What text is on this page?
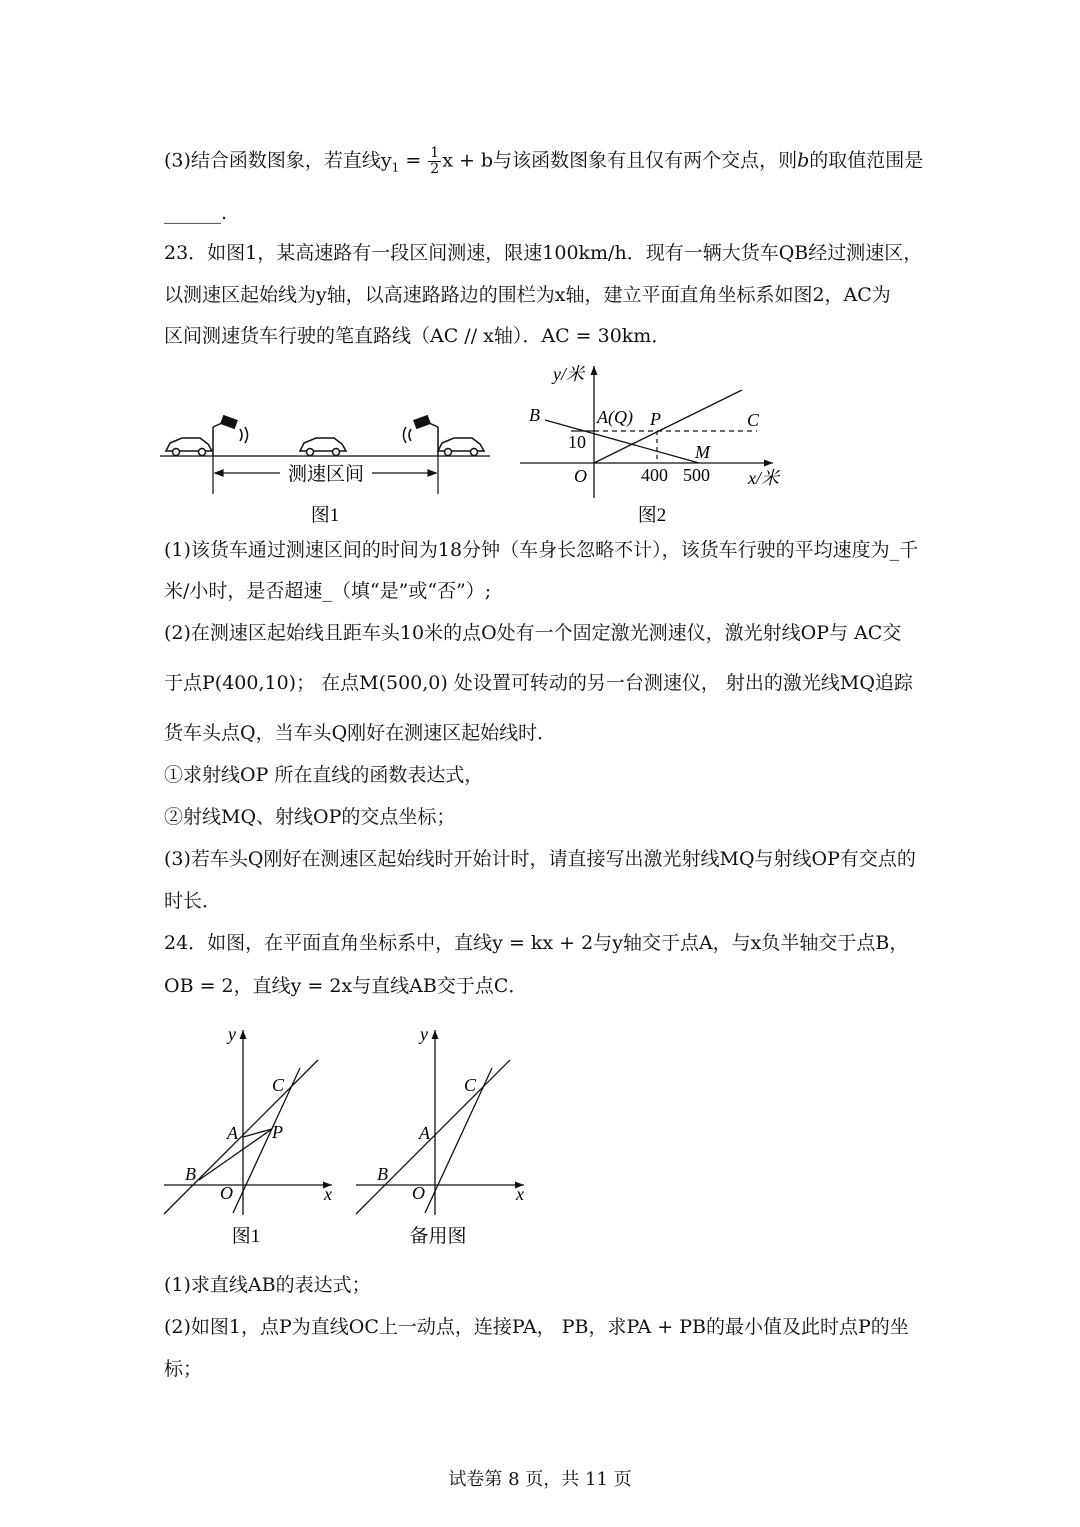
(3)结合函数图象，若直线$y_1 = \frac{1}{2}$ x + b与该函数图象有且仅有两个交点，则b的取值范围是
______.
23．如图1，某高速路有一段区间测速，限速100km/h．现有一辆大货车QB经过测速区，
以测速区起始线为y轴，以高速路路边的围栏为x轴，建立平面直角坐标系如图2，AC为
区间测速货车行驶的笔直路线（AC // x轴）．AC = 30km．
测速区间
图1
y/米
B	A(Q) P	C
10	M
O	400 500 x/米
图2
(1)该货车通过测速区间的时间为18分钟（车身长忽略不计），该货车行驶的平均速度为_千
米/小时，是否超速_（填“是”或“否”）;
(2)在测速区起始线且距车头10米的点O处有一个固定激光测速仪，激光射线OP与 AC交
于点P(400,10)； 在点M(500,0) 处设置可转动的另一台测速仪， 射出的激光线MQ追踪
货车头点Q，当车头Q刚好在测速区起始线时．
①求射线OP 所在直线的函数表达式，
②射线MQ、射线OP的交点坐标；
(3)若车头Q刚好在测速区起始线时开始计时，请直接写出激光射线MQ与射线OP有交点的
时长．
24．如图，在平面直角坐标系中，直线y = kx + 2与y轴交于点A，与x负半轴交于点B，
OB = 2，直线y = 2x与直线AB交于点C．
y
C
A P
B
O	x
图1
y
C
A
B
O	x
备用图
(1)求直线AB的表达式；
(2)如图1，点P为直线OC上一动点，连接PA， PB，求PA + PB的最小值及此时点P的坐
标；
试卷第 8 页，共 11 页
